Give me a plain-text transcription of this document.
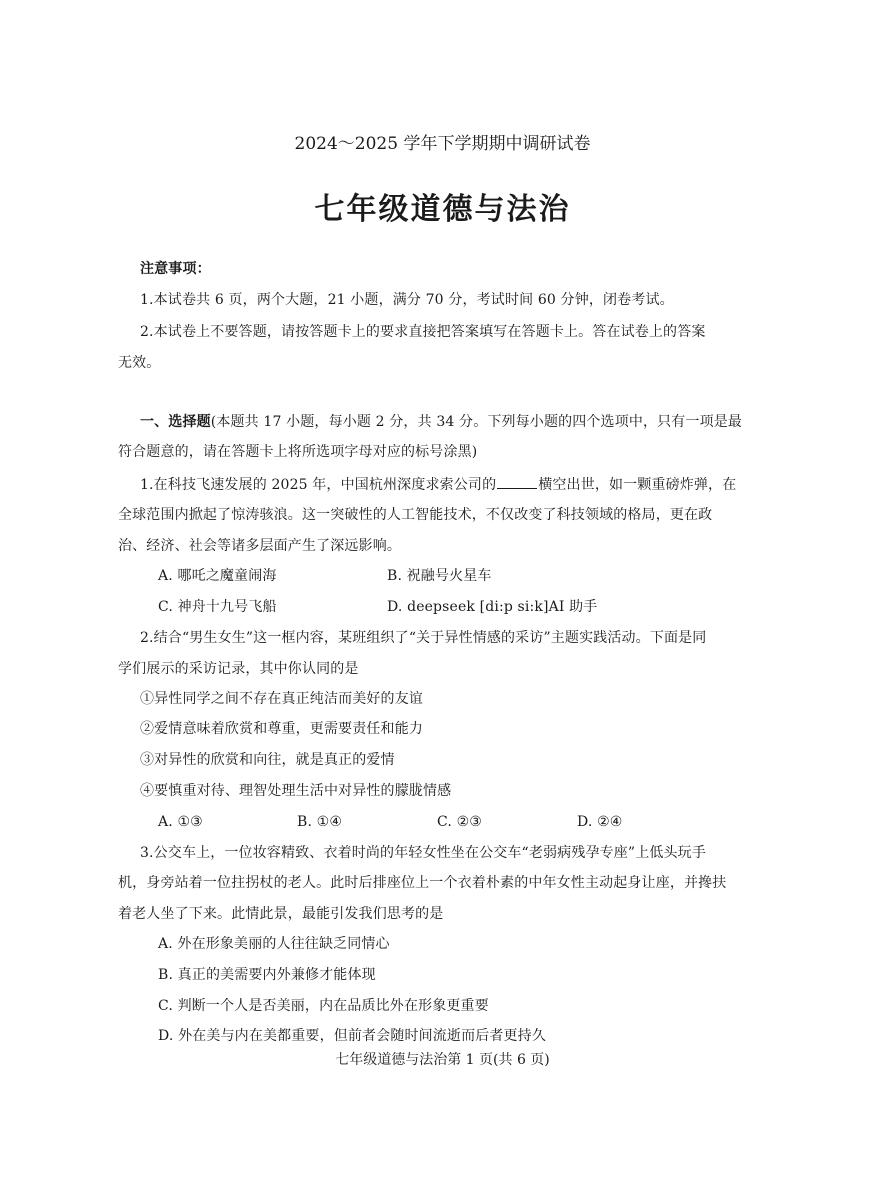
2024～2025 学年下学期期中调研试卷
七年级道德与法治
注意事项：
1.本试卷共 6 页，两个大题，21 小题，满分 70 分，考试时间 60 分钟，闭卷考试。
2.本试卷上不要答题，请按答题卡上的要求直接把答案填写在答题卡上。答在试卷上的答案
无效。
一、选择题(本题共 17 小题，每小题 2 分，共 34 分。下列每小题的四个选项中，只有一项是最
符合题意的，请在答题卡上将所选项字母对应的标号涂黑)
1.在科技飞速发展的 2025 年，中国杭州深度求索公司的	横空出世，如一颗重磅炸弹，在
全球范围内掀起了惊涛骇浪。这一突破性的人工智能技术，不仅改变了科技领域的格局，更在政
治、经济、社会等诸多层面产生了深远影响。
A. 哪吒之魔童闹海	B. 祝融号火星车
C. 神舟十九号飞船	D. deepseek [di:p si:k]AI 助手
2.结合“男生女生”这一框内容，某班组织了“关于异性情感的采访”主题实践活动。下面是同
学们展示的采访记录，其中你认同的是
①异性同学之间不存在真正纯洁而美好的友谊
②爱情意味着欣赏和尊重，更需要责任和能力
③对异性的欣赏和向往，就是真正的爱情
④要慎重对待、理智处理生活中对异性的朦胧情感
A. ①③	B. ①④	C. ②③	D. ②④
3.公交车上，一位妆容精致、衣着时尚的年轻女性坐在公交车“老弱病残孕专座”上低头玩手
机，身旁站着一位拄拐杖的老人。此时后排座位上一个衣着朴素的中年女性主动起身让座，并搀扶
着老人坐了下来。此情此景，最能引发我们思考的是
A. 外在形象美丽的人往往缺乏同情心
B. 真正的美需要内外兼修才能体现
C. 判断一个人是否美丽，内在品质比外在形象更重要
D. 外在美与内在美都重要，但前者会随时间流逝而后者更持久
七年级道德与法治第 1 页(共 6 页)
